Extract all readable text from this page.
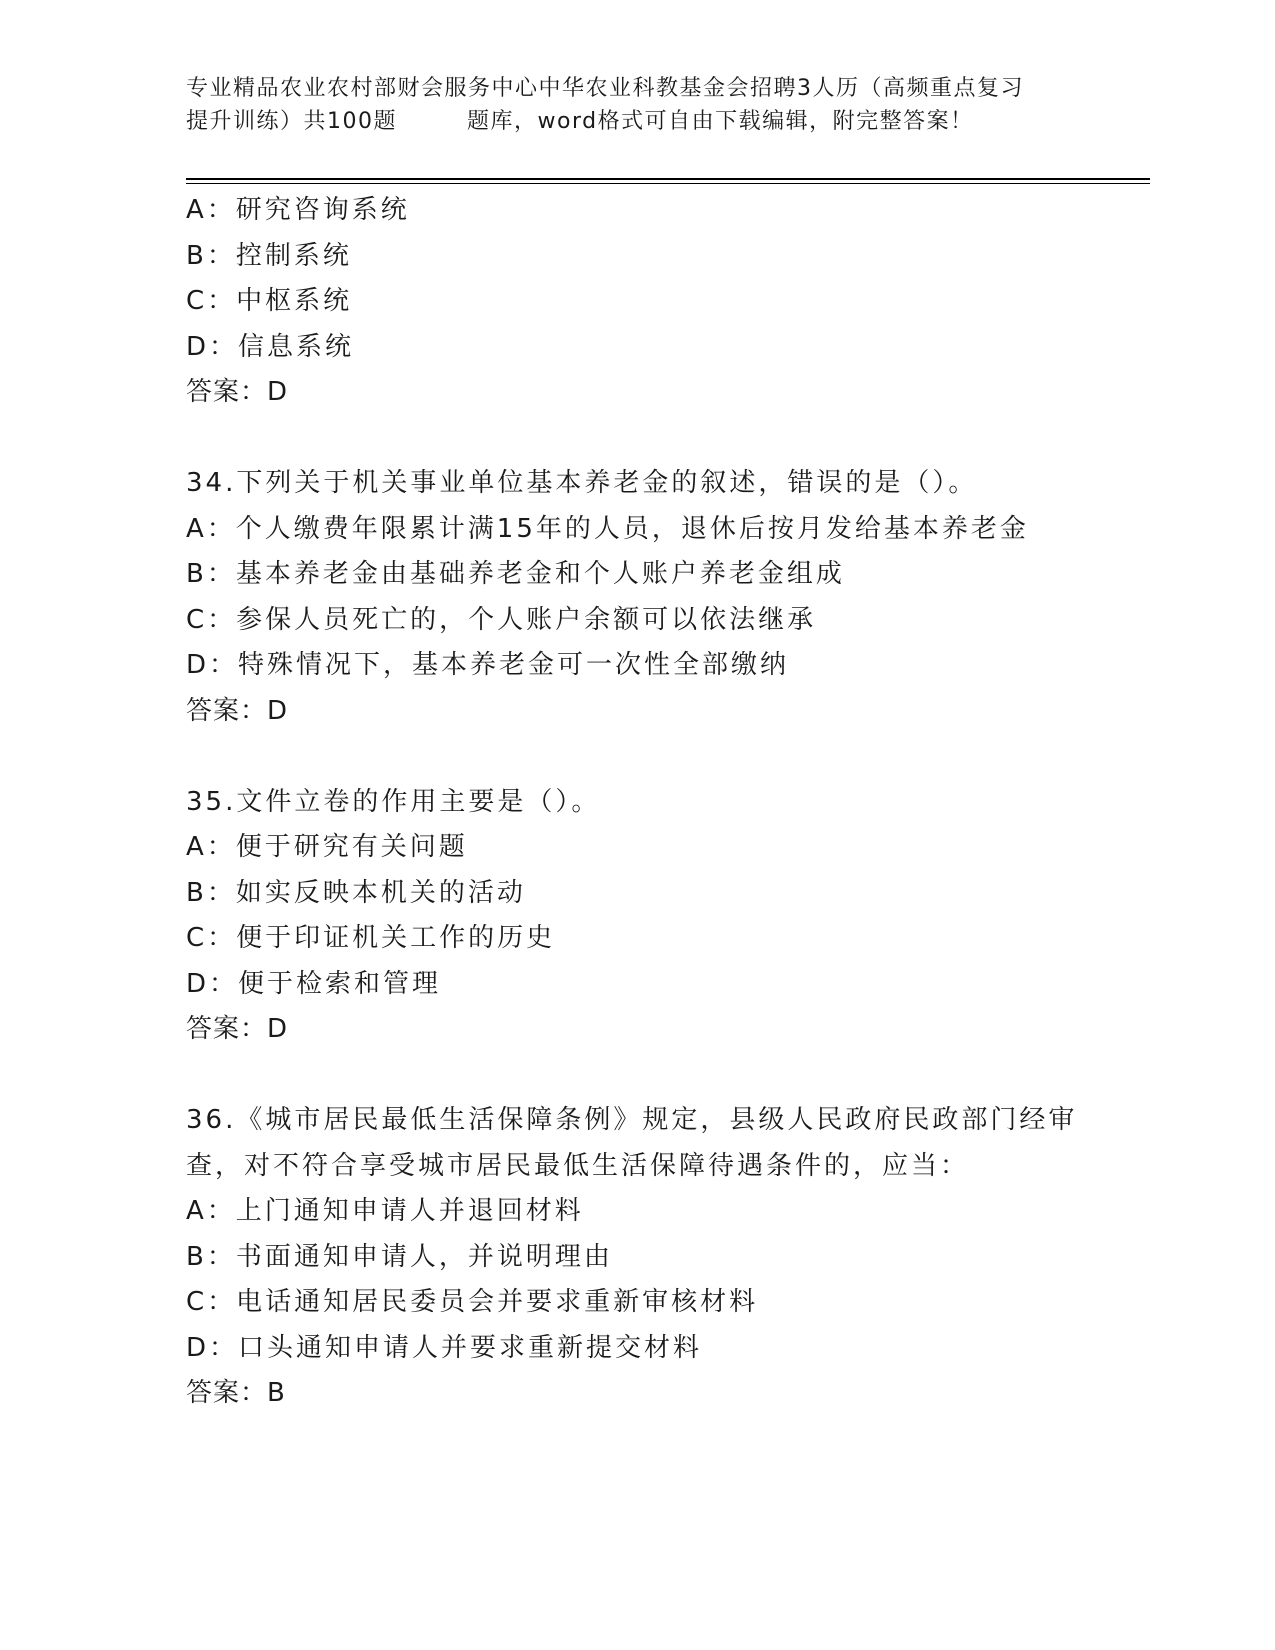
专业精品农业农村部财会服务中心中华农业科教基金会招聘3人历（高频重点复习
提升训练）共100题	题库，word格式可自由下载编辑，附完整答案！
A：研究咨询系统
B：控制系统
C：中枢系统
D：信息系统
答案：D
34.下列关于机关事业单位基本养老金的叙述，错误的是（）。
A：个人缴费年限累计满15年的人员，退休后按月发给基本养老金
B：基本养老金由基础养老金和个人账户养老金组成
C：参保人员死亡的，个人账户余额可以依法继承
D：特殊情况下，基本养老金可一次性全部缴纳
答案：D
35.文件立卷的作用主要是（）。
A：便于研究有关问题
B：如实反映本机关的活动
C：便于印证机关工作的历史
D：便于检索和管理
答案：D
36.《城市居民最低生活保障条例》规定，县级人民政府民政部门经审
查，对不符合享受城市居民最低生活保障待遇条件的，应当：
A：上门通知申请人并退回材料
B：书面通知申请人，并说明理由
C：电话通知居民委员会并要求重新审核材料
D：口头通知申请人并要求重新提交材料
答案：B
